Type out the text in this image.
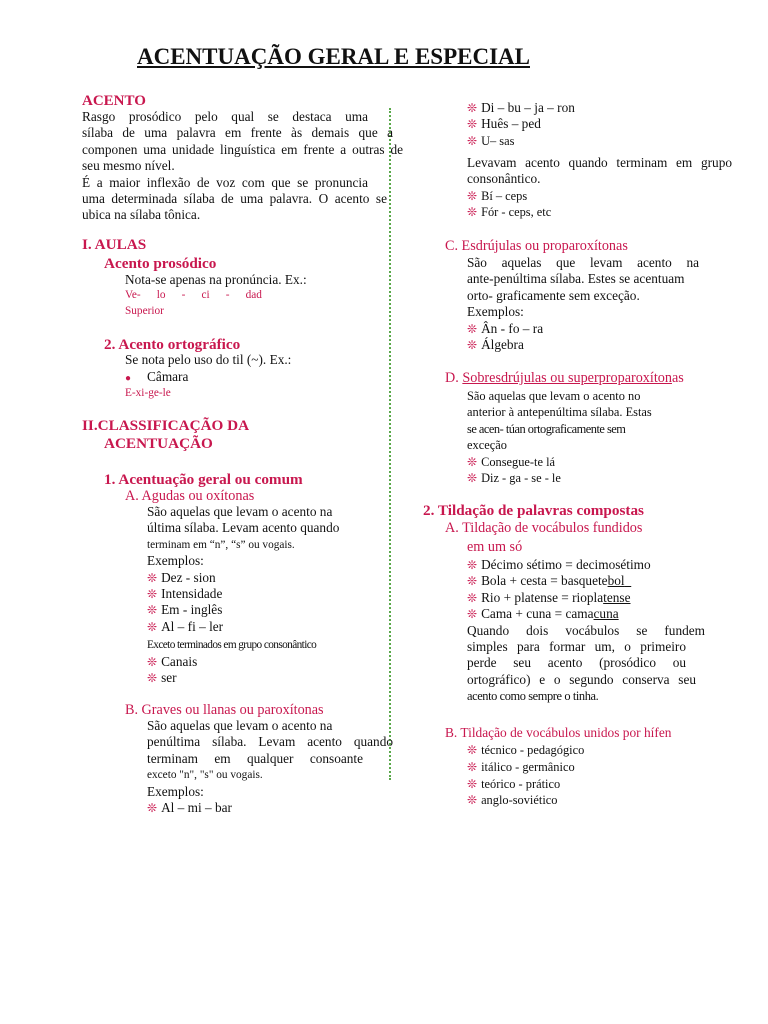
ACENTUAÇÃO GERAL E ESPECIAL
ACENTO
Rasgo prosódico pelo qual se destaca uma
sílaba de uma palavra em frente às demais que a
componen uma unidade linguística em frente a outras de

seu mesmo nível.
É a maior inflexão de voz com que se pronuncia
uma determinada sílaba de uma palavra. O acento se

ubica na sílaba tônica.
I. AULAS
Acento prosódico
Nota-se apenas na pronúncia. Ex.:
Ve- lo - ci - dad
Superior
2. Acento ortográfico
Se nota pelo uso do til (~). Ex.:
● Câmara
E-xi-ge-le
II.CLASSIFICAÇÃO DA
ACENTUAÇÃO
1. Acentuação geral ou comum
A. Agudas ou oxítonas
São aquelas que levam o acento na
última sílaba. Levam acento quando
terminam em “n”, “s” ou vogais.
Exemplos:
❊ Dez - sion
❊ Intensidade
❊ Em - inglês
❊ Al – fi – ler
Exceto terminados em grupo consonântico
❊ Canais
❊ ser
B. Graves ou llanas ou paroxítonas
São aquelas que levam o acento na
penúltima sílaba. Levam acento quando
terminam em qualquer consoante

exceto "n", "s" ou vogais.
Exemplos:
❊ Al – mi – bar
❊ Di – bu – ja – ron
❊ Huês – ped
❊ U– sas
Levavam acento quando terminam em grupo

consonântico.
❊ Bí – ceps
❊ Fór - ceps, etc
C. Esdrújulas ou proparoxítonas
São aquelas que levam acento na

ante-penúltima sílaba. Estes se acentuam
orto- graficamente sem exceção.
Exemplos:
❊ Ân - fo – ra
❊ Álgebra
D. Sobresdrújulas ou superproparoxítonas
São aquelas que levam o acento no
anterior à antepenúltima sílaba. Estas
se acen- túan ortograficamente sem
exceção
❊ Consegue-te lá
❊ Diz - ga - se - le
2. Tildação de palavras compostas
A. Tildação de vocábulos fundidos
em um só
❊ Décimo sétimo = decimosétimo
❊ Bola + cesta = basquetebol
❊ Rio + platense = rioplatense
❊ Cama + cuna = camacuna
Quando dois vocábulos se fundem
simples para formar um, o primeiro
perde seu acento (prosódico ou
ortográfico) e o segundo conserva seu

acento como sempre o tinha.
B. Tildação de vocábulos unidos por hífen
❊ técnico - pedagógico
❊ itálico - germânico
❊ teórico - prático
❊ anglo-soviético
